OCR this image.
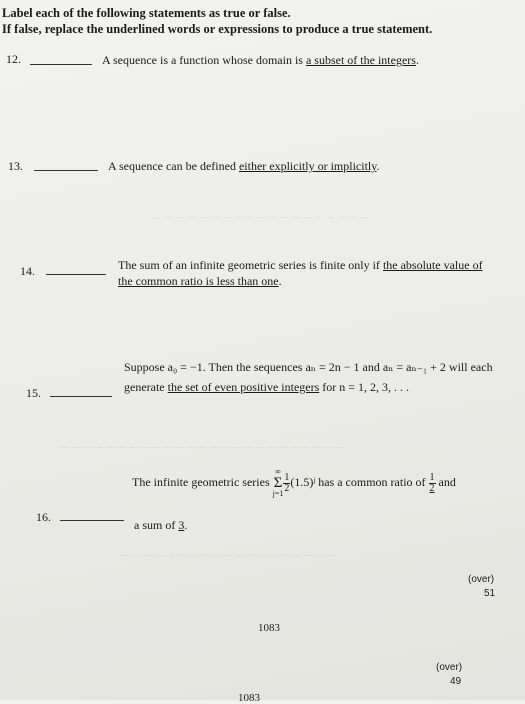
— ─ ─ ─ ─ ─ ─ ─ ─ ─ ─ ─ ─ ─ ─ ─ ─ ─ ─
─ ─ ─ ─ ─ ─ ─ ─ ─ ─ ─ ─ ─ ─ ─ ─ ─ ─ ─ ─ ─ ─ ─ ─ ─
─ ─ ─ ─ ─ ─ ─ ─ ─ ─ ─ ─ ─ ─ ─ ─ ─ ─ ─
Label each of the following statements as true or false.
If false, replace the underlined words or expressions to produce a true statement.
12.	A sequence is a function whose domain is a subset of the integers.
13.	A sequence can be defined either explicitly or implicitly.
14.	The sum of an infinite geometric series is finite only if the absolute value of
the common ratio is less than one.
15.
Suppose a₀ = −1. Then the sequences aₙ = 2n − 1 and aₙ = aₙ₋₁ + 2 will each
generate the set of even positive integers for n = 1, 2, 3, . . .
16.
The infinite geometric series ∞
Σ
$j=1 \frac{1}{2}$ (1.5)ʲ has a common ratio of $\frac{1}{2}$ and
a sum of 3.
(over)
51
1083
(over)
49
1083
